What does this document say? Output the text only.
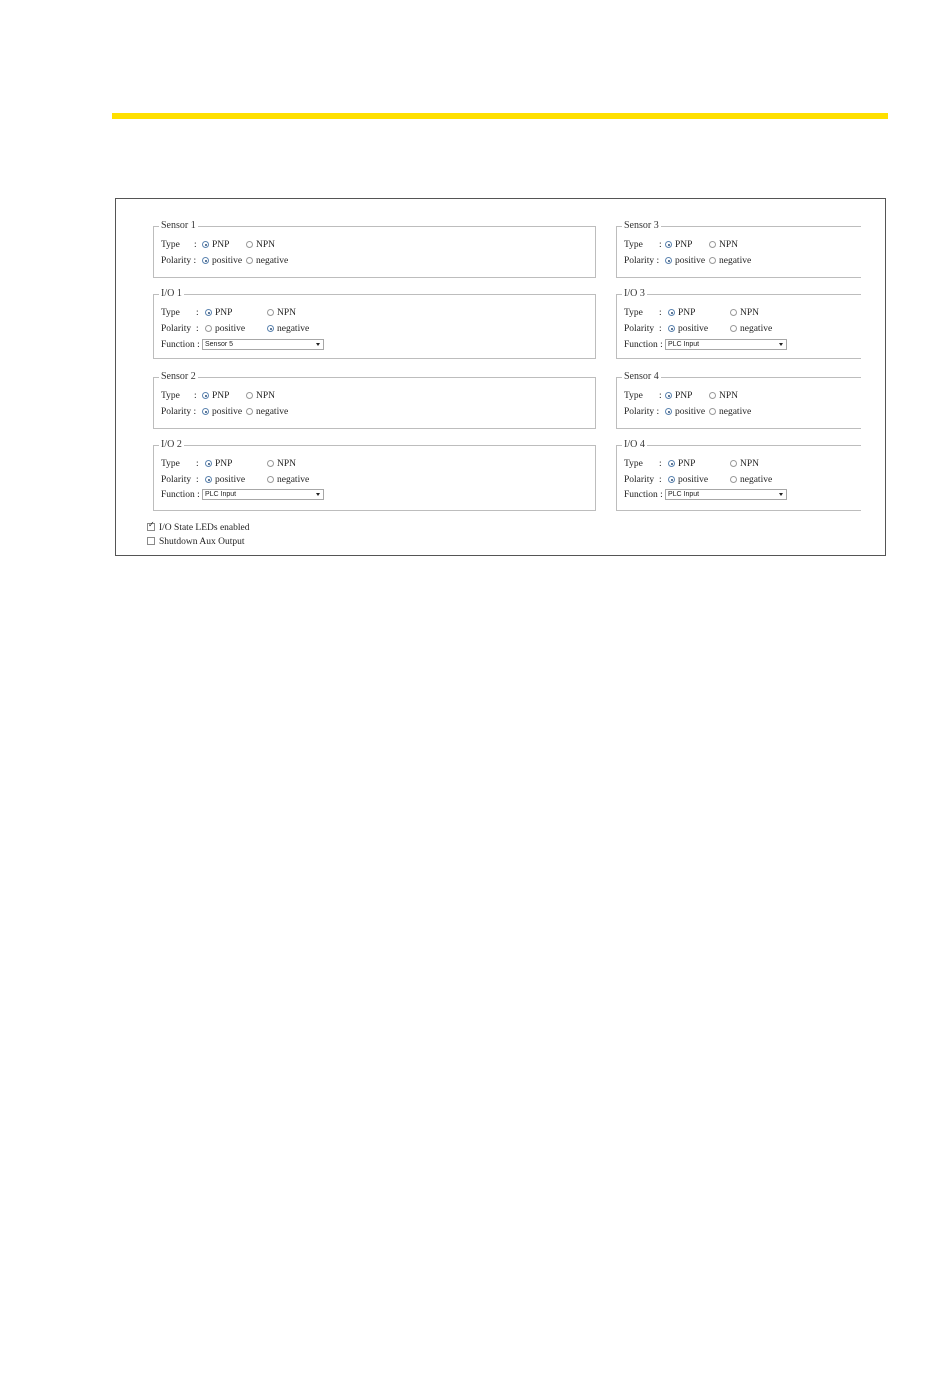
Sensor 1
Type :	PNP	NPN
Polarity :	positive	negative
I/O 1
Type :	PNP	NPN
Polarity :	positive	negative
Function : Sensor 5
Sensor 2
Type :	PNP	NPN
Polarity :	positive	negative
I/O 2
Type :	PNP	NPN
Polarity :	positive	negative
Function : PLC Input
Sensor 3
Type :	PNP	NPN
Polarity :	positive	negative
I/O 3
Type :	PNP	NPN
Polarity :	positive	negative
Function : PLC Input
Sensor 4
Type :	PNP	NPN
Polarity :	positive	negative
I/O 4
Type :	PNP	NPN
Polarity :	positive	negative
Function : PLC Input
✓I/O State LEDs enabled
Shutdown Aux Output
